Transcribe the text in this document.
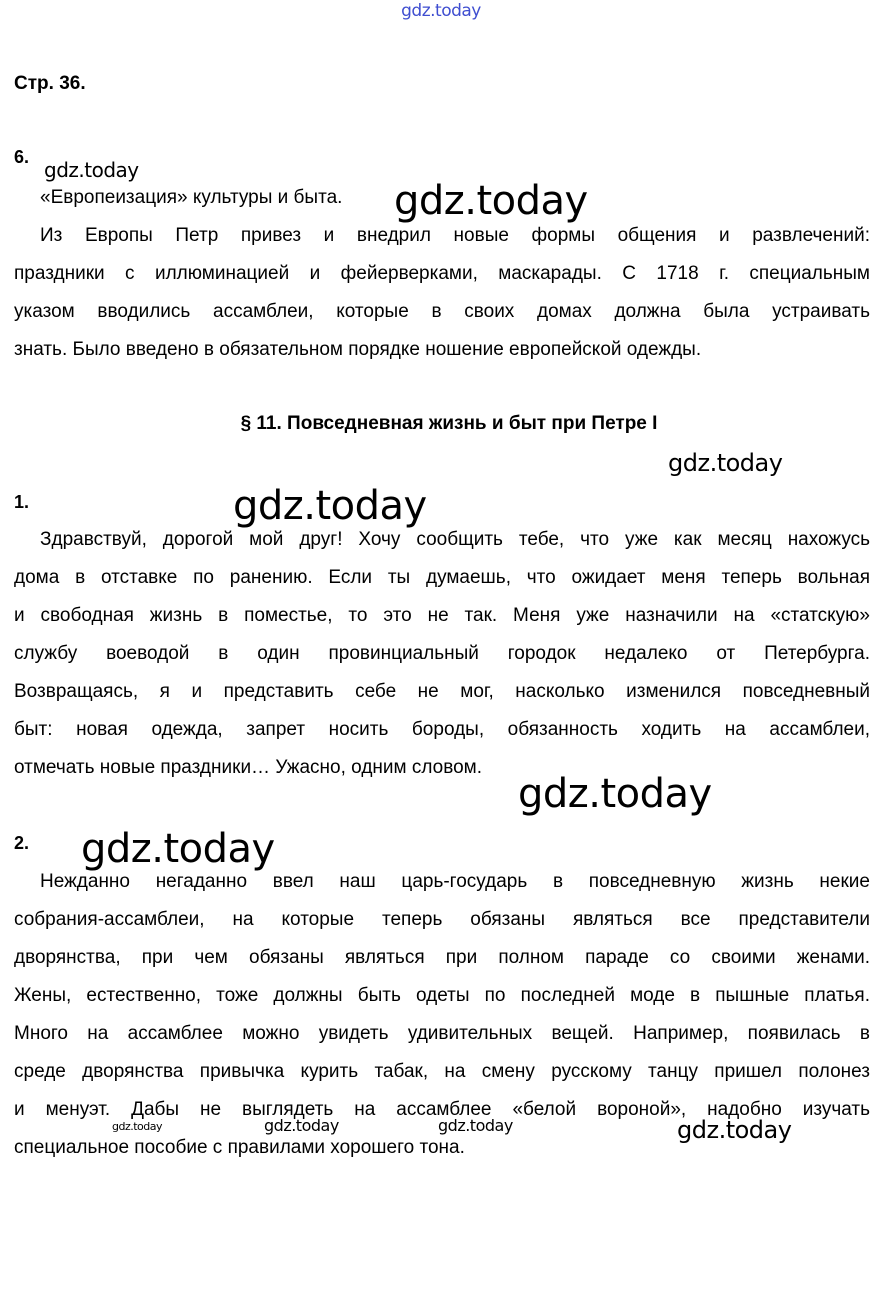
gdz.today
Стр. 36.
6.
«Европеизация» культуры и быта.
Из Европы Петр привез и внедрил новые формы общения и развлечений:
праздники с иллюминацией и фейерверками, маскарады. С 1718 г. специальным
указом вводились ассамблеи, которые в своих домах должна была устраивать
знать. Было введено в обязательном порядке ношение европейской одежды.
§ 11. Повседневная жизнь и быт при Петре I
1.
Здравствуй, дорогой мой друг! Хочу сообщить тебе, что уже как месяц нахожусь
дома в отставке по ранению. Если ты думаешь, что ожидает меня теперь вольная
и свободная жизнь в поместье, то это не так. Меня уже назначили на «статскую»
службу воеводой в один провинциальный городок недалеко от Петербурга.
Возвращаясь, я и представить себе не мог, насколько изменился повседневный
быт: новая одежда, запрет носить бороды, обязанность ходить на ассамблеи,
отмечать новые праздники… Ужасно, одним словом.
2.
Нежданно негаданно ввел наш царь-государь в повседневную жизнь некие
собрания-ассамблеи, на которые теперь обязаны являться все представители
дворянства, при чем обязаны являться при полном параде со своими женами.
Жены, естественно, тоже должны быть одеты по последней моде в пышные платья.
Много на ассамблее можно увидеть удивительных вещей. Например, появилась в
среде дворянства привычка курить табак, на смену русскому танцу пришел полонез
и менуэт. Дабы не выглядеть на ассамблее «белой вороной», надобно изучать
специальное пособие с правилами хорошего тона.
gdz.today
gdz.today
gdz.today
gdz.today
gdz.today
gdz.today
gdz.today
gdz.today	gdz.today	gdz.today
